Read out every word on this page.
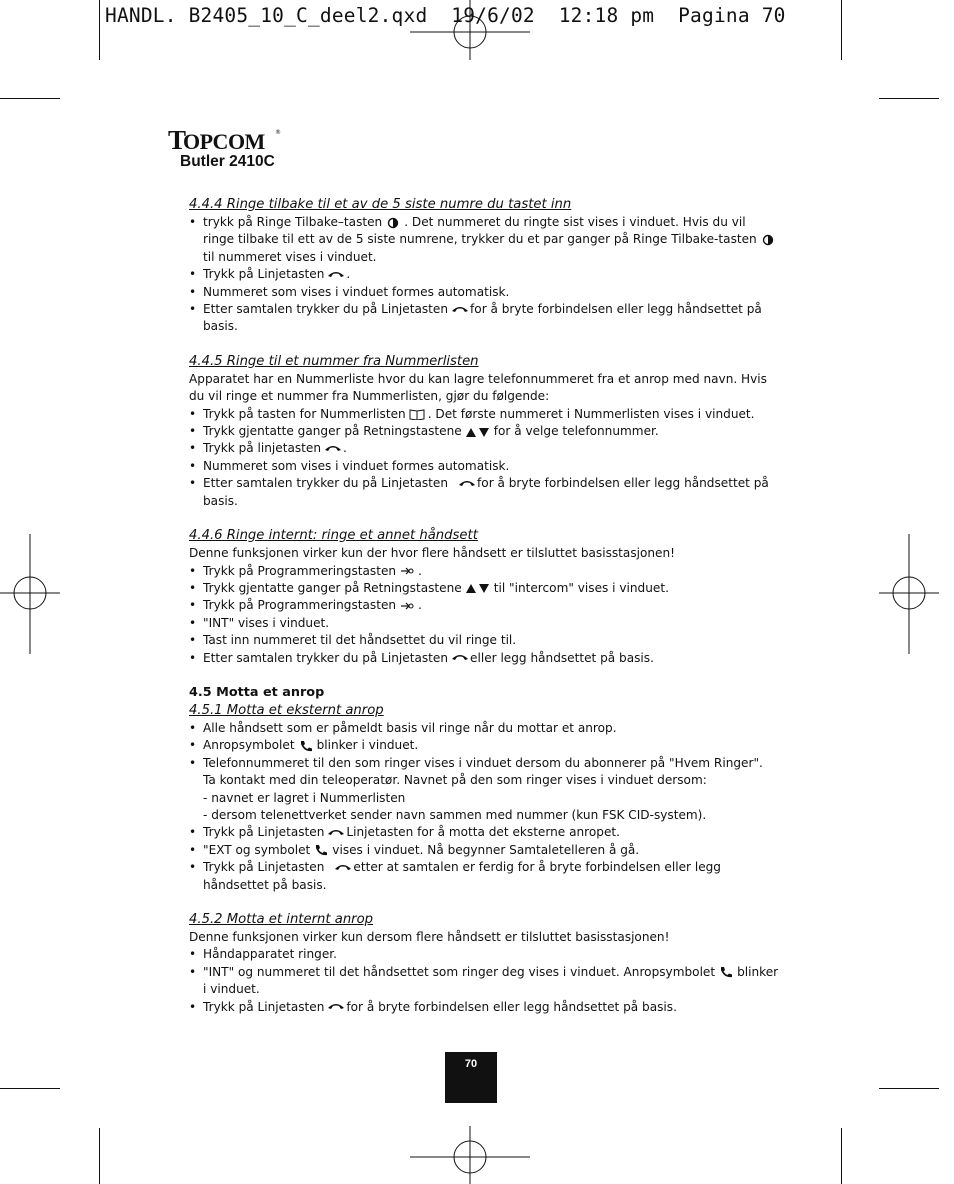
HANDL. B2405_10_C_deel2.qxd  19/6/02  12:18 pm  Pagina 70
T
OPCOM ®
Butler 2410C
4.4.4 Ringe tilbake til et av de 5 siste numre du tastet inn
• trykk på Ringe Tilbake–tasten . Det nummeret du ringte sist vises i vinduet. Hvis du vil ringe tilbake til ett av de 5 siste numrene, trykker du et par ganger på Ringe Tilbake-tasten
til nummeret vises i vinduet.
• Trykk på Linjetasten .
• Nummeret som vises i vinduet formes automatisk.
• Etter samtalen trykker du på Linjetasten for å bryte forbindelsen eller legg håndsettet på basis.
4.4.5 Ringe til et nummer fra Nummerlisten
Apparatet har en Nummerliste hvor du kan lagre telefonnummeret fra et anrop med navn. Hvis du vil ringe et nummer fra Nummerlisten, gjør du følgende:
• Trykk på tasten for Nummerlisten . Det første nummeret i Nummerlisten vises i vinduet.
• Trykk gjentatte ganger på Retningstastene	for å velge telefonnummer.
• Trykk på linjetasten .
• Nummeret som vises i vinduet formes automatisk.
• Etter samtalen trykker du på Linjetasten for å bryte forbindelsen eller legg håndsettet på basis.
4.4.6 Ringe internt: ringe et annet håndsett
Denne funksjonen virker kun der hvor flere håndsett er tilsluttet basisstasjonen!
• Trykk på Programmeringstasten .
• Trykk gjentatte ganger på Retningstastene	til "intercom" vises i vinduet.
• Trykk på Programmeringstasten .
• "INT" vises i vinduet.
• Tast inn nummeret til det håndsettet du vil ringe til.
• Etter samtalen trykker du på Linjetasten eller legg håndsettet på basis.
4.5 Motta et anrop
4.5.1 Motta et eksternt anrop
• Alle håndsett som er påmeldt basis vil ringe når du mottar et anrop.
• Anropsymbolet blinker i vinduet.
• Telefonnummeret til den som ringer vises i vinduet dersom du abonnerer på "Hvem Ringer". Ta kontakt med din teleoperatør. Navnet på den som ringer vises i vinduet dersom:
- navnet er lagret i Nummerlisten
- dersom telenettverket sender navn sammen med nummer (kun FSK CID-system).
• Trykk på Linjetasten Linjetasten for å motta det eksterne anropet.
• "EXT og symbolet vises i vinduet. Nå begynner Samtaletelleren å gå.
• Trykk på Linjetasten etter at samtalen er ferdig for å bryte forbindelsen eller legg håndsettet på basis.
4.5.2 Motta et internt anrop
Denne funksjonen virker kun dersom flere håndsett er tilsluttet basisstasjonen!
• Håndapparatet ringer.
• "INT" og nummeret til det håndsettet som ringer deg vises i vinduet. Anropsymbolet blinker i vinduet.
• Trykk på Linjetasten for å bryte forbindelsen eller legg håndsettet på basis.
70
